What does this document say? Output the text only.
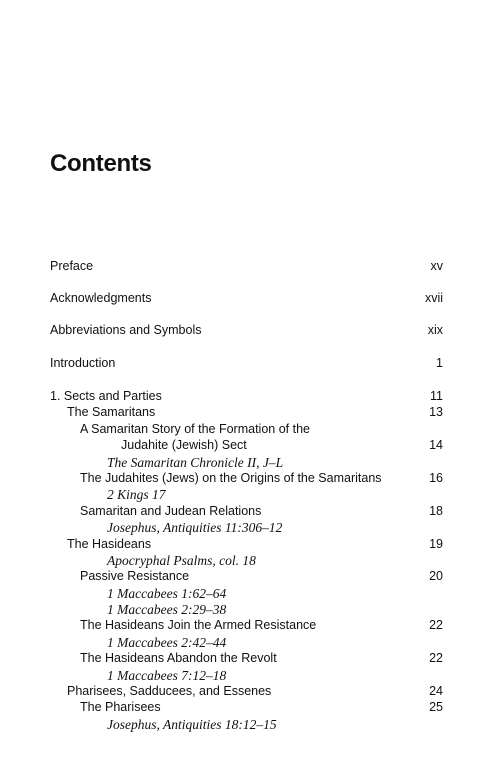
Contents
Preface	xv
Acknowledgments	xvii
Abbreviations and Symbols	xix
Introduction	1
1. Sects and Parties	11
The Samaritans	13
A Samaritan Story of the Formation of the
Judahite (Jewish) Sect	14
The Samaritan Chronicle II, J–L
The Judahites (Jews) on the Origins of the Samaritans	16
2 Kings 17
Samaritan and Judean Relations	18
Josephus, Antiquities 11:306–12
The Hasideans	19
Apocryphal Psalms, col. 18
Passive Resistance	20
1 Maccabees 1:62–64
1 Maccabees 2:29–38
The Hasideans Join the Armed Resistance	22
1 Maccabees 2:42–44
The Hasideans Abandon the Revolt	22
1 Maccabees 7:12–18
Pharisees, Sadducees, and Essenes	24
The Pharisees	25
Josephus, Antiquities 18:12–15
